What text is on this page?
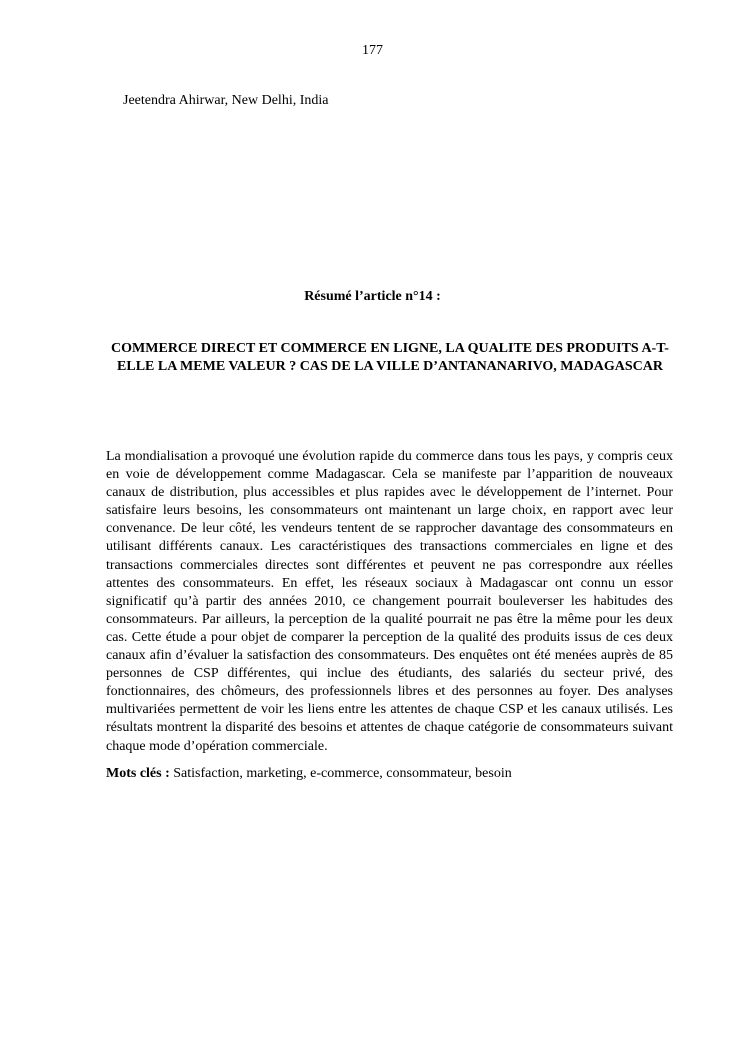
177
Jeetendra Ahirwar, New Delhi, India
Résumé l’article n°14 :
COMMERCE DIRECT ET COMMERCE EN LIGNE, LA QUALITE DES PRODUITS A-T-ELLE LA MEME VALEUR ? CAS DE LA VILLE D’ANTANANARIVO, MADAGASCAR

La mondialisation a provoqué une évolution rapide du commerce dans tous les pays, y compris ceux en voie de développement comme Madagascar. Cela se manifeste par l’apparition de nouveaux canaux de distribution, plus accessibles et plus rapides avec le développement de l’internet. Pour satisfaire leurs besoins, les consommateurs ont maintenant un large choix, en rapport avec leur convenance. De leur côté, les vendeurs tentent de se rapprocher davantage des consommateurs en utilisant différents canaux. Les caractéristiques des transactions commerciales en ligne et des transactions commerciales directes sont différentes et peuvent ne pas correspondre aux réelles attentes des consommateurs. En effet, les réseaux sociaux à Madagascar ont connu un essor significatif qu’à partir des années 2010, ce changement pourrait bouleverser les habitudes des consommateurs. Par ailleurs, la perception de la qualité pourrait ne pas être la même pour les deux cas. Cette étude a pour objet de comparer la perception de la qualité des produits issus de ces deux canaux afin d’évaluer la satisfaction des consommateurs. Des enquêtes ont été menées auprès de 85 personnes de CSP différentes, qui inclue des étudiants, des salariés du secteur privé, des fonctionnaires, des chômeurs, des professionnels libres et des personnes au foyer. Des analyses multivariées permettent de voir les liens entre les attentes de chaque CSP et les canaux utilisés. Les résultats montrent la disparité des besoins et attentes de chaque catégorie de consommateurs suivant chaque mode d’opération commerciale.

Mots clés : Satisfaction, marketing, e-commerce, consommateur, besoin
